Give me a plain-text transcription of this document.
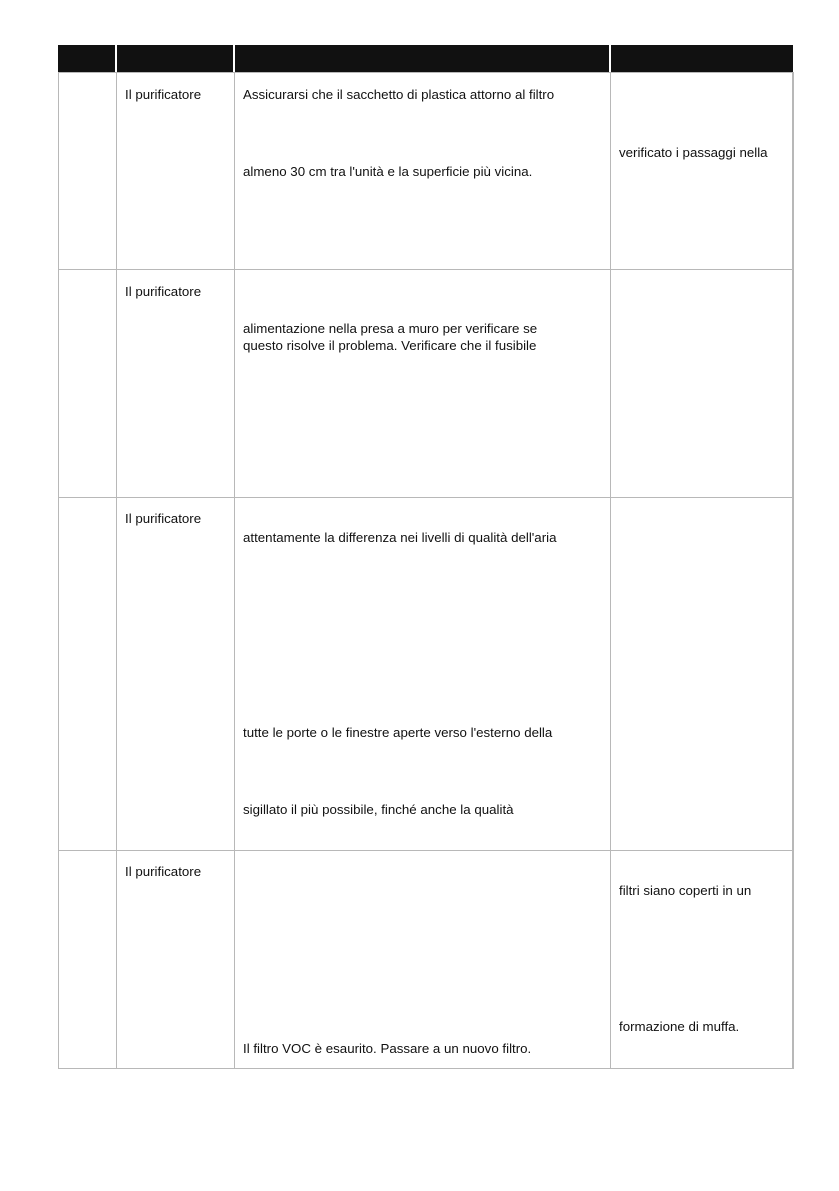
Il purificatore	Assicurarsi che il sacchetto di plastica attorno al filtro
almeno 30 cm tra l'unità e la superficie più vicina.
verificato i passaggi nella
Il purificatore
alimentazione nella presa a muro per verificare se
questo risolve il problema. Verificare che il fusibile
Il purificatore
attentamente la differenza nei livelli di qualità dell'aria
tutte le porte o le finestre aperte verso l'esterno della
sigillato il più possibile, finché anche la qualità
Il purificatore
Il filtro VOC è esaurito. Passare a un nuovo filtro.
filtri siano coperti in un
formazione di muffa.
